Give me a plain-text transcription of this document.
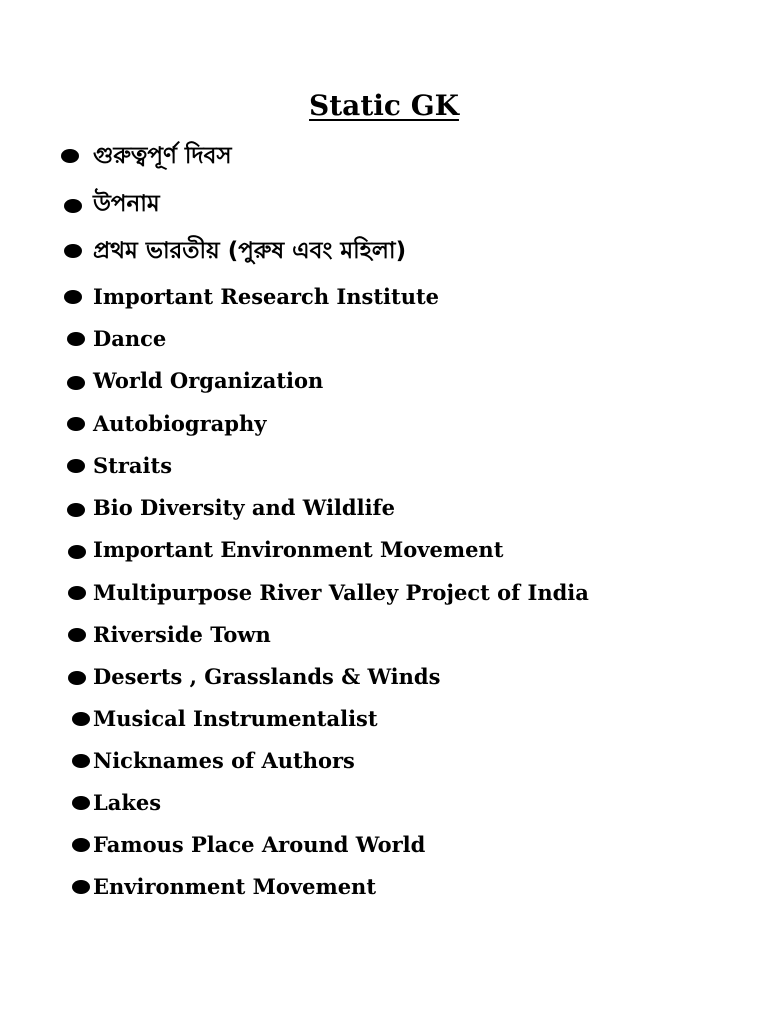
Static GK
গুরুত্বপূর্ণ দিবস
উপনাম
প্রথম ভারতীয় (পুরুষ এবং মহিলা)
Important Research Institute
Dance
World Organization
Autobiography
Straits
Bio Diversity and Wildlife
Important Environment Movement
Multipurpose River Valley Project of India
Riverside Town
Deserts , Grasslands & Winds
Musical Instrumentalist
Nicknames of Authors
Lakes
Famous Place Around World
Environment Movement
